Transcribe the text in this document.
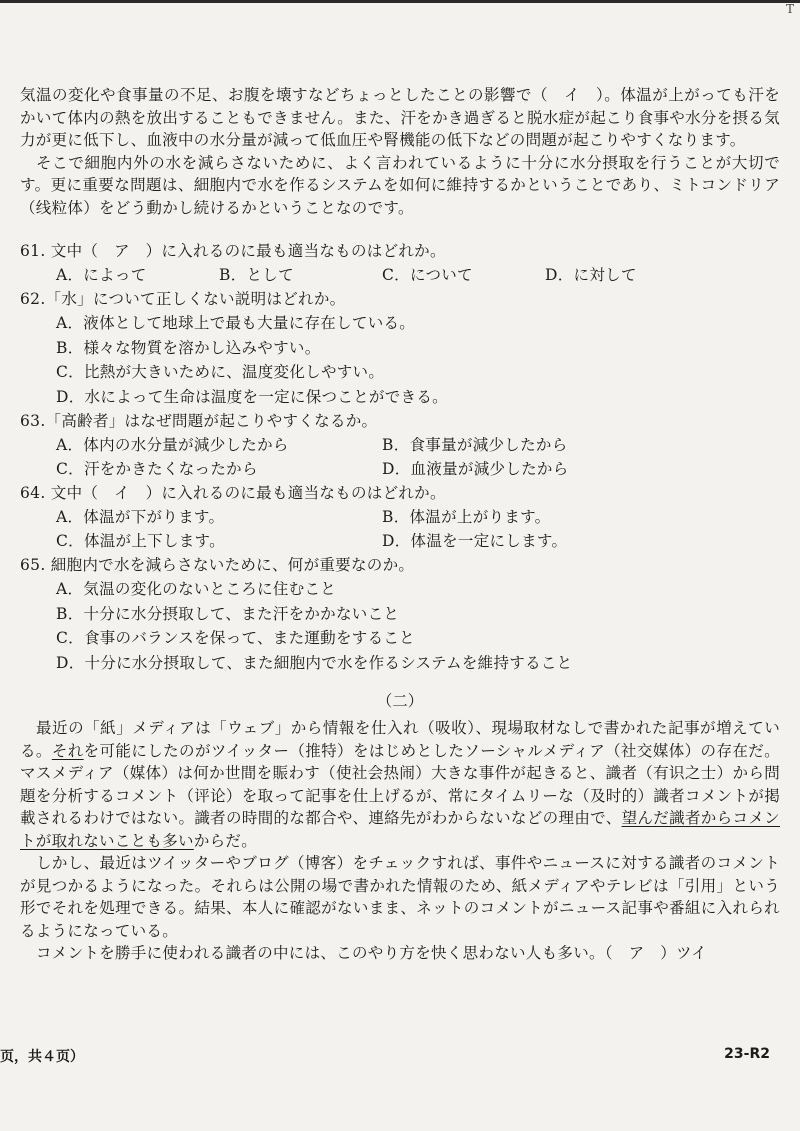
T

気温の変化や食事量の不足、お腹を壊すなどちょっとしたことの影響で（　イ　）。体温が上がっても汗をかいて体内の熱を放出することもできません。また、汗をかき過ぎると脱水症が起こり食事や水分を摂る気力が更に低下し、血液中の水分量が減って低血圧や腎機能の低下などの問題が起こりやすくなります。

そこで細胞内外の水を減らさないために、よく言われているように十分に水分摂取を行うことが大切です。更に重要な問題は、細胞内で水を作るシステムを如何に維持するかということであり、ミトコンドリア（线粒体）をどう動かし続けるかということなのです。

61. 文中（　ア　）に入れるのに最も適当なものはどれか。

A．によって	B．として	C．について	D．に対して

62.「水」について正しくない説明はどれか。

A．液体として地球上で最も大量に存在している。

B．様々な物質を溶かし込みやすい。

C．比熱が大きいために、温度変化しやすい。

D．水によって生命は温度を一定に保つことができる。

63.「高齢者」はなぜ問題が起こりやすくなるか。

A．体内の水分量が減少したから	B．食事量が減少したから
C．汗をかきたくなったから	D．血液量が減少したから

64. 文中（　イ　）に入れるのに最も適当なものはどれか。

A．体温が下がります。	B．体温が上がります。
C．体温が上下します。	D．体温を一定にします。

65. 細胞内で水を減らさないために、何が重要なのか。

A．気温の変化のないところに住むこと

B．十分に水分摂取して、また汗をかかないこと

C．食事のバランスを保って、また運動をすること

D．十分に水分摂取して、また細胞内で水を作るシステムを維持すること

（二）

最近の「紙」メディアは「ウェブ」から情報を仕入れ（吸收）、現場取材なしで書かれた記事が増えている。それを可能にしたのがツイッター（推特）をはじめとしたソーシャルメディア（社交媒体）の存在だ。マスメディア（媒体）は何か世間を賑わす（使社会热闹）大きな事件が起きると、識者（有识之士）から問題を分析するコメント（评论）を取って記事を仕上げるが、常にタイムリーな（及时的）識者コメントが掲載されるわけではない。識者の時間的な都合や、連絡先がわからないなどの理由で、望んだ識者からコメントが取れないことも多いからだ。

しかし、最近はツイッターやブログ（博客）をチェックすれば、事件やニュースに対する識者のコメントが見つかるようになった。それらは公開の場で書かれた情報のため、紙メディアやテレビは「引用」という形でそれを処理できる。結果、本人に確認がないまま、ネットのコメントがニュース記事や番組に入れられるようになっている。

コメントを勝手に使われる識者の中には、このやり方を快く思わない人も多い。（　ア　）ツイ

页，共４页）	23-R2
